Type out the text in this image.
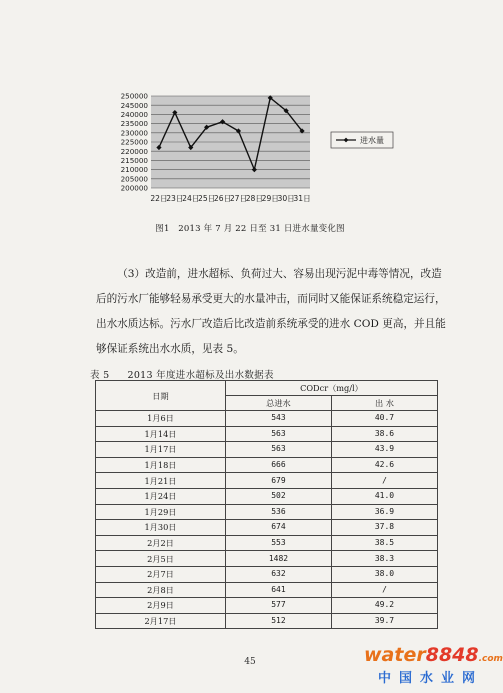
250000
245000
240000
235000
230000
225000
220000
215000
210000
205000
200000
22日
23日
24日
25日
26日
27日
28日
29日
30日
31日
进水量
图1　2013 年 7 月 22 日至 31 日进水量变化图

（3）改造前，进水超标、负荷过大、容易出现污泥中毒等情况，改造

后的污水厂能够轻易承受更大的水量冲击，而同时又能保证系统稳定运行，
出水水质达标。污水厂改造后比改造前系统承受的进水 COD 更高，并且能
够保证系统出水水质，见表 5。
表 5 2013 年度进水超标及出水数据表
日期	CODcr（mg/l）	
	总进水	出 水
1月6日	543	40.7
1月14日	563	38.6
1月17日	563	43.9
1月18日	666	42.6
1月21日	679	/
1月24日	502	41.0
1月29日	536	36.9
1月30日	674	37.8
2月2日	553	38.5
2月5日	1482	38.3
2月7日	632	38.0
2月8日	641	/
2月9日	577	49.2
2月17日	512	39.7
45	water8848.com
中国水业网
